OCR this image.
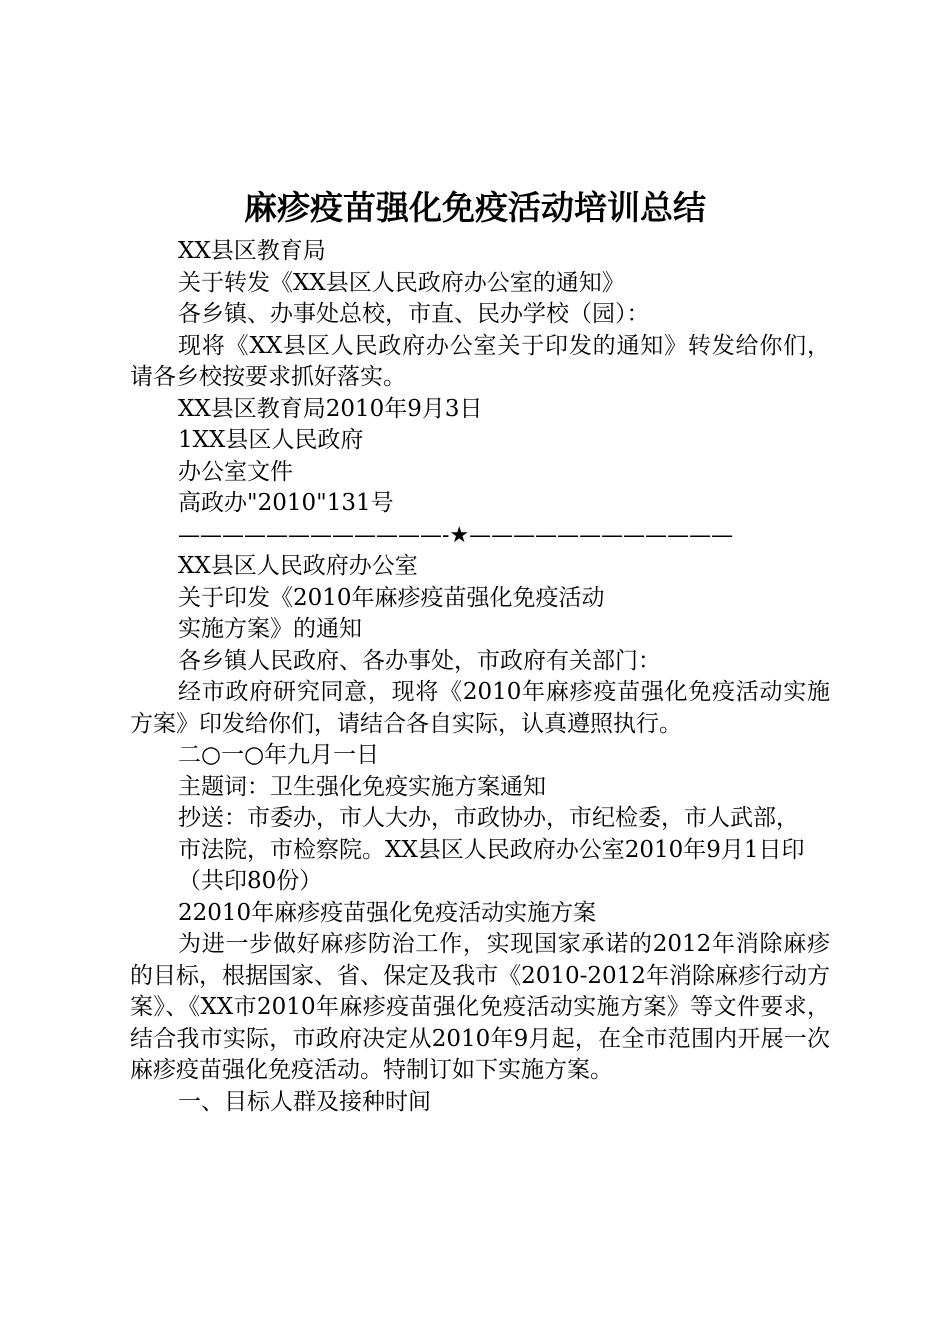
麻疹疫苗强化免疫活动培训总结

XX县区教育局

关于转发《XX县区人民政府办公室的通知》

各乡镇、办事处总校，市直、民办学校（园）：

现将《XX县区人民政府办公室关于印发的通知》转发给你们，请各乡校按要求抓好落实。

XX县区教育局2010年9月3日

1XX县区人民政府

办公室文件

高政办"2010"131号

————————————-★————————————

XX县区人民政府办公室

关于印发《2010年麻疹疫苗强化免疫活动

实施方案》的通知

各乡镇人民政府、各办事处，市政府有关部门：

经市政府研究同意，现将《2010年麻疹疫苗强化免疫活动实施方案》印发给你们，请结合各自实际，认真遵照执行。

二○一○年九月一日

主题词：卫生强化免疫实施方案通知

抄送：市委办，市人大办，市政协办，市纪检委，市人武部，

市法院，市检察院。XX县区人民政府办公室2010年9月1日印

（共印80份）

22010年麻疹疫苗强化免疫活动实施方案

为进一步做好麻疹防治工作，实现国家承诺的2012年消除麻疹的目标，根据国家、省、保定及我市《2010-2012年消除麻疹行动方案》、《XX市2010年麻疹疫苗强化免疫活动实施方案》等文件要求，结合我市实际，市政府决定从2010年9月起，在全市范围内开展一次麻疹疫苗强化免疫活动。特制订如下实施方案。

一、目标人群及接种时间
